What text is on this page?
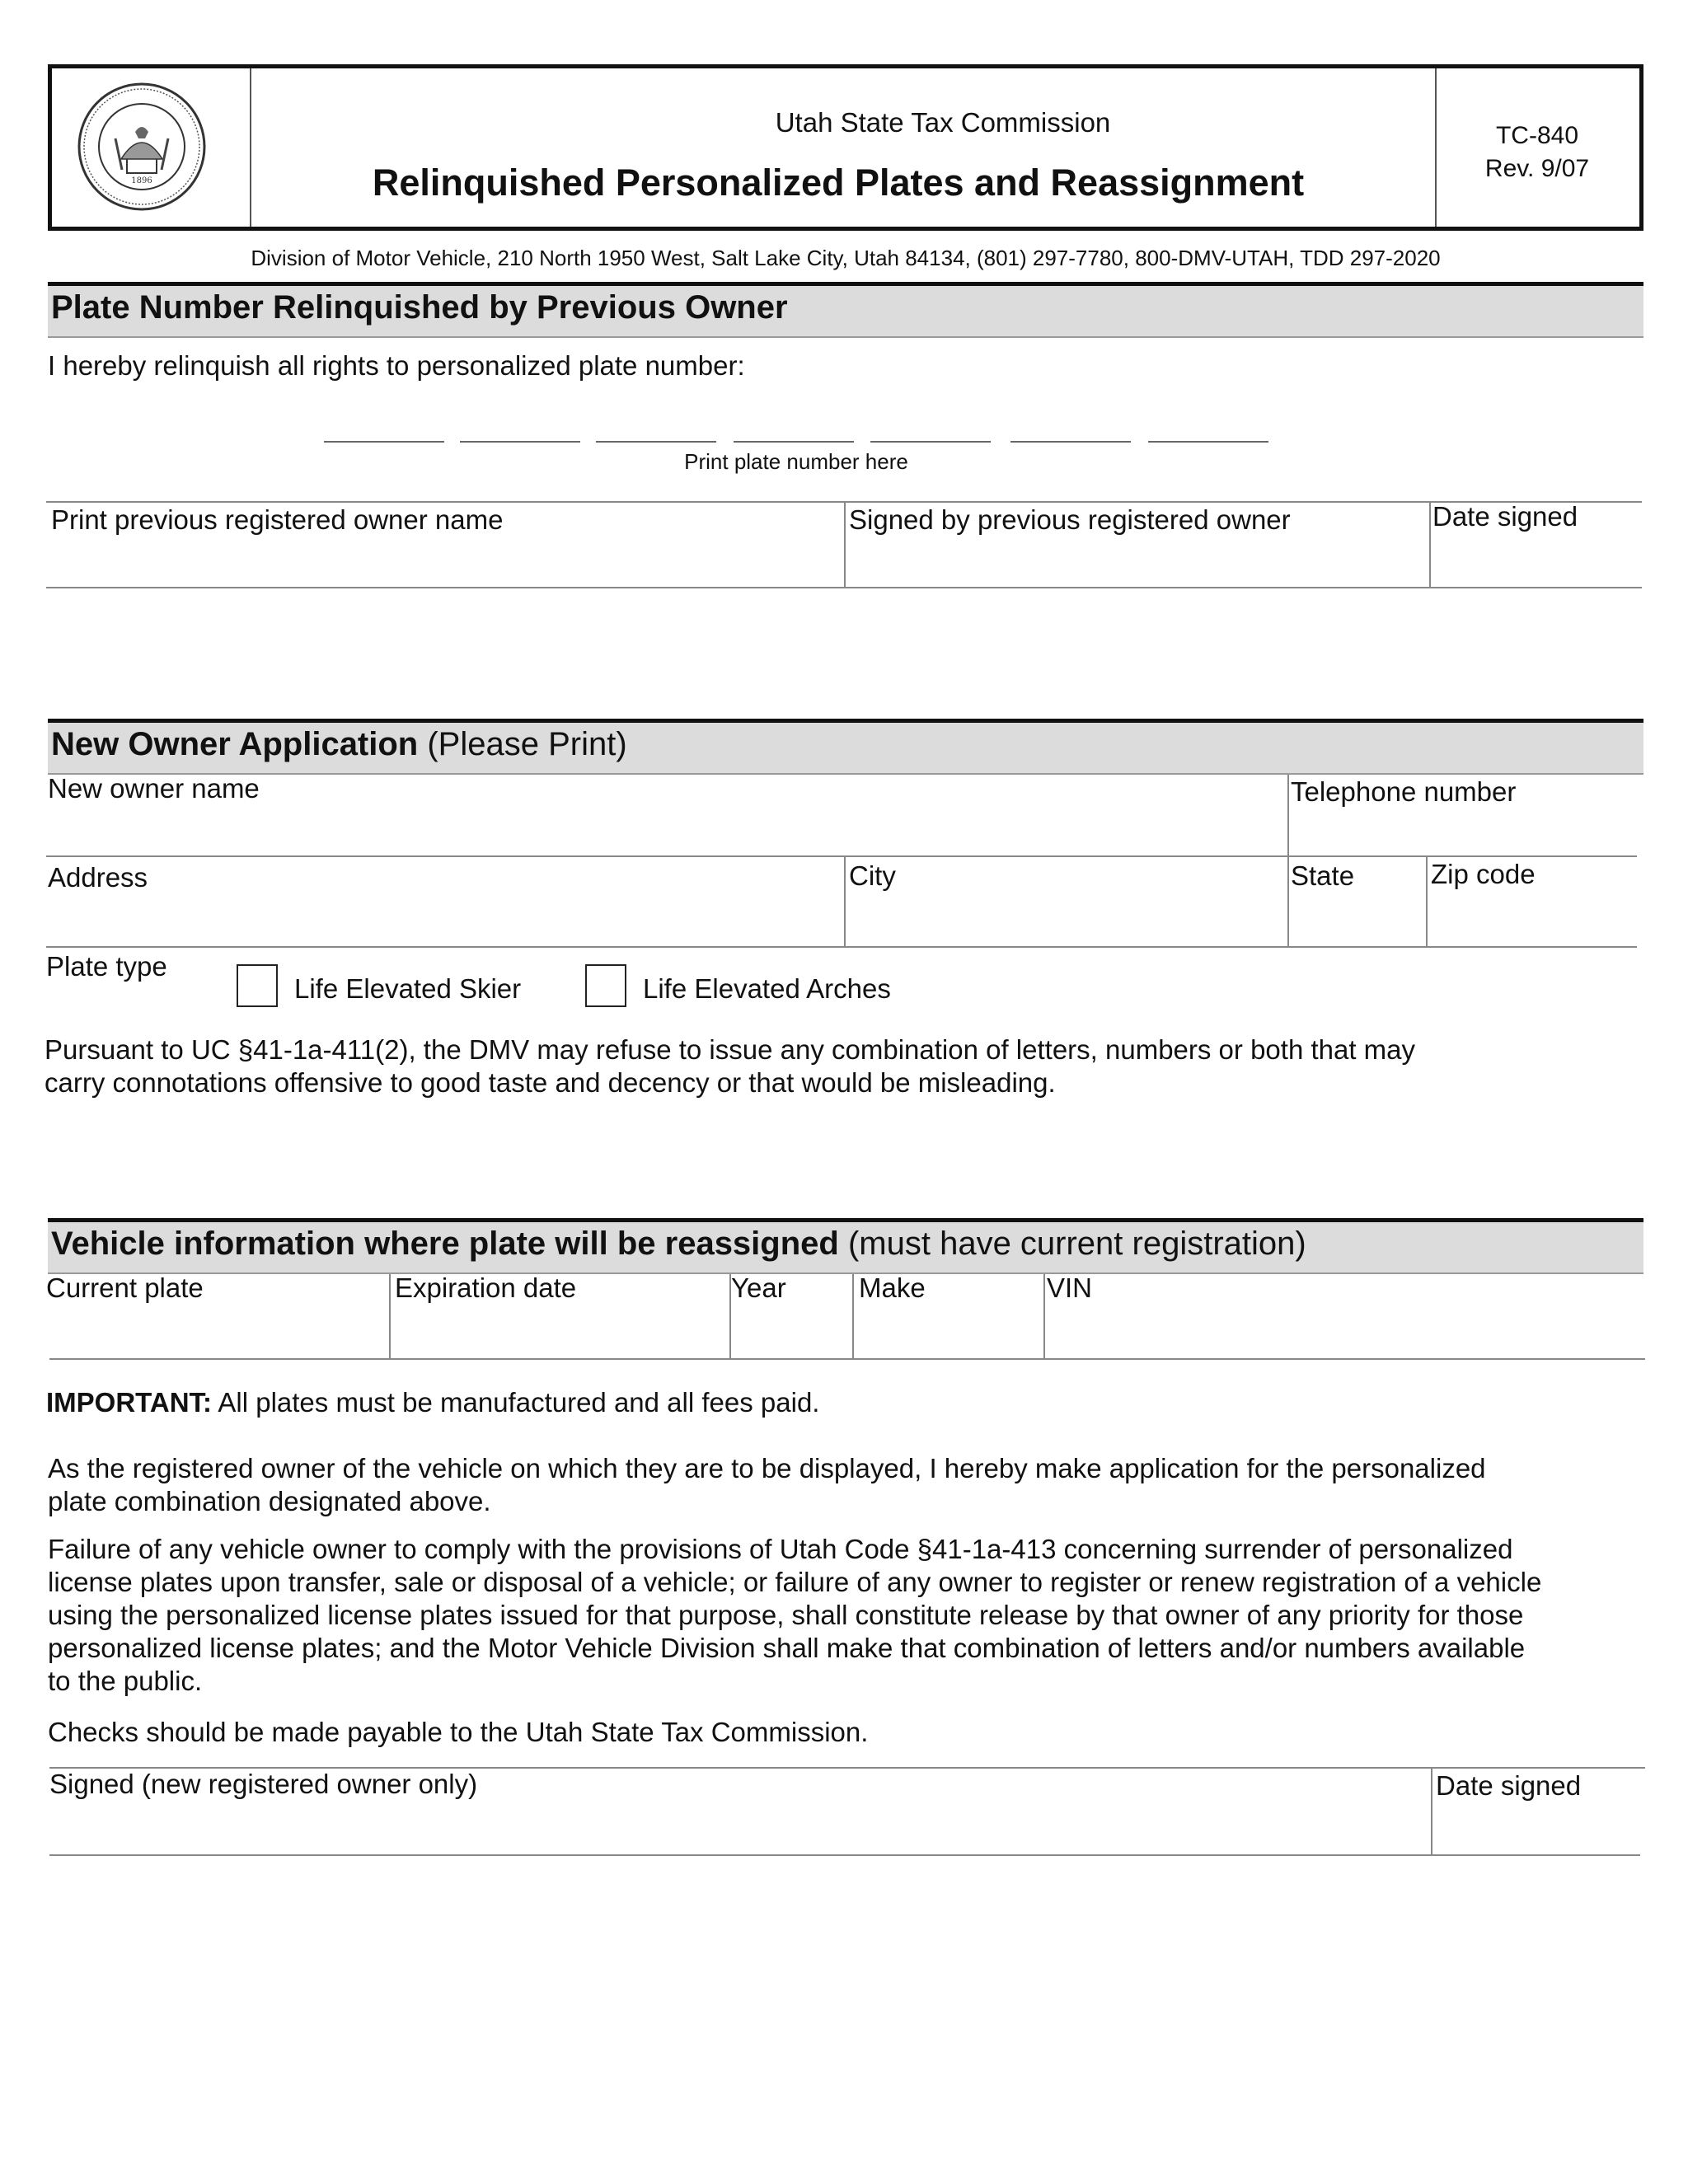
1896
Utah State Tax Commission
Relinquished Personalized Plates and Reassignment
TC-840
Rev. 9/07
Division of Motor Vehicle, 210 North 1950 West, Salt Lake City, Utah 84134, (801) 297-7780, 800-DMV-UTAH, TDD 297-2020
Plate Number Relinquished by Previous Owner
I hereby relinquish all rights to personalized plate number:
Print plate number here
Print previous registered owner name	Signed by previous registered owner	Date signed
New Owner Application (Please Print)
New owner name	Telephone number
Address	City	State	Zip code
Plate type
Life Elevated Skier	Life Elevated Arches
Pursuant to UC §41-1a-411(2), the DMV may refuse to issue any combination of letters, numbers or both that may
carry connotations offensive to good taste and decency or that would be misleading.
Vehicle information where plate will be reassigned (must have current registration)
Current plate	Expiration date	Year	Make	VIN
IMPORTANT: All plates must be manufactured and all fees paid.
As the registered owner of the vehicle on which they are to be displayed, I hereby make application for the personalized
plate combination designated above.
Failure of any vehicle owner to comply with the provisions of Utah Code §41-1a-413 concerning surrender of personalized
license plates upon transfer, sale or disposal of a vehicle; or failure of any owner to register or renew registration of a vehicle
using the personalized license plates issued for that purpose, shall constitute release by that owner of any priority for those
personalized license plates; and the Motor Vehicle Division shall make that combination of letters and/or numbers available
to the public.
Checks should be made payable to the Utah State Tax Commission.
Signed (new registered owner only)	Date signed
